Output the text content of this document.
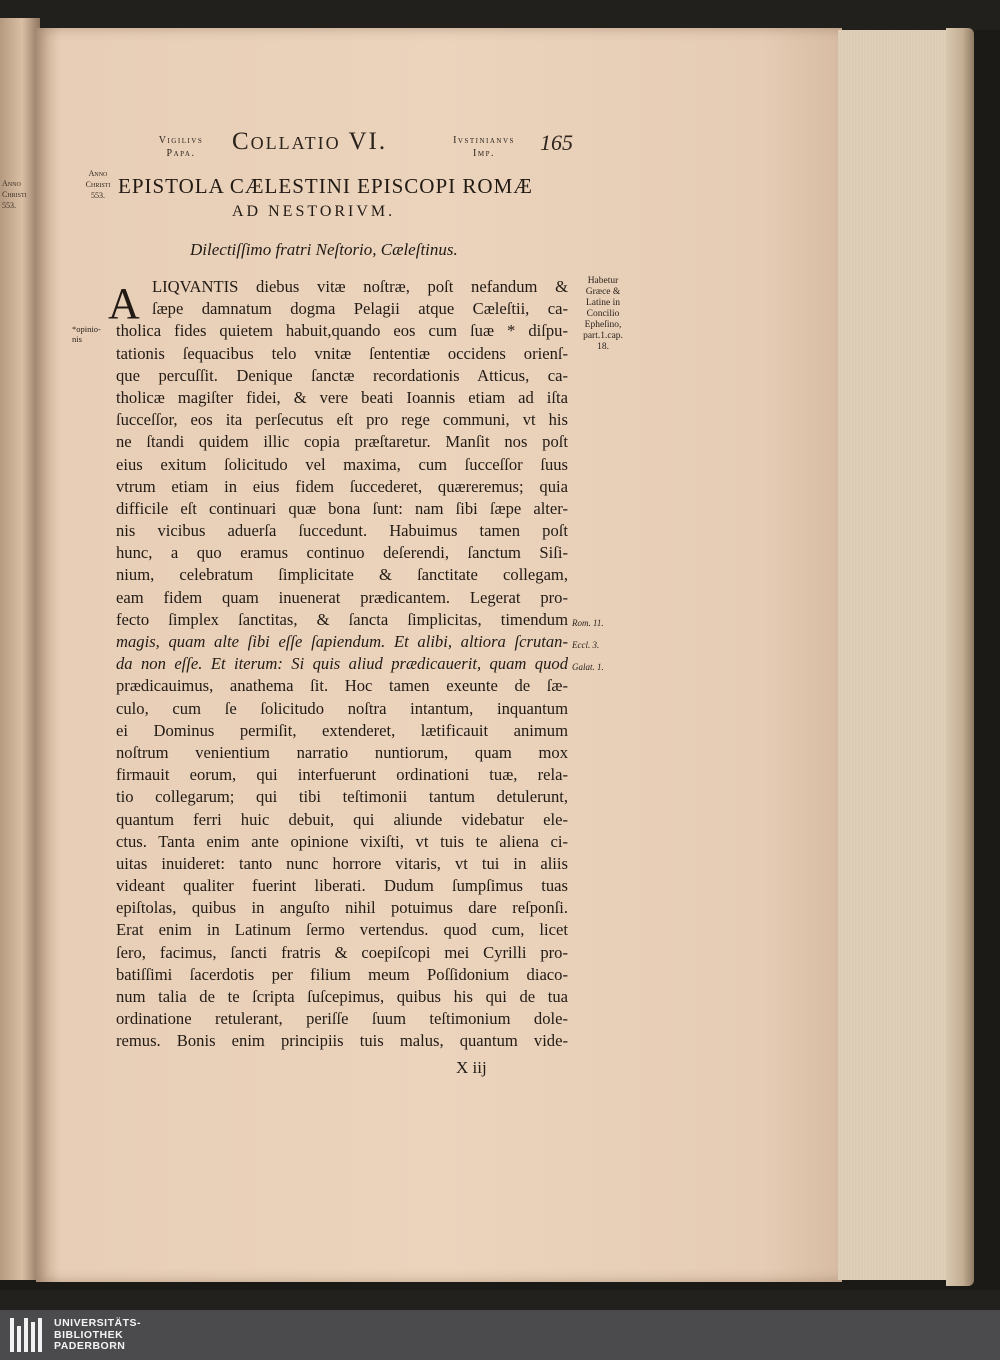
Anno
Christi
553.
Vigilivs
Papa.	Collatio VI.	Ivstinianvs
Imp.	165
Anno
Christi
553. EPISTOLA CÆLESTINI EPISCOPI ROMÆ
AD NESTORIVM.
Dilectiſſimo fratri Neſtorio, Cæleſtinus.
A
*opinio-
nis
LIQVANTIS diebus vitæ noſtræ, poſt nefandum &
ſæpe damnatum dogma Pelagii atque Cæleſtii, ca-
tholica fides quietem habuit,quando eos cum ſuæ * diſpu-
tationis ſequacibus telo vnitæ ſententiæ occidens orienſ-
que percuſſit. Denique ſanctæ recordationis Atticus, ca-
tholicæ magiſter fidei, & vere beati Ioannis etiam ad iſta
ſucceſſor, eos ita perſecutus eſt pro rege communi, vt his
ne ſtandi quidem illic copia præſtaretur. Manſit nos poſt
eius exitum ſolicitudo vel maxima, cum ſucceſſor ſuus
vtrum etiam in eius fidem ſuccederet, quæreremus; quia
difficile eſt continuari quæ bona ſunt: nam ſibi ſæpe alter-
nis vicibus aduerſa ſuccedunt. Habuimus tamen poſt
hunc, a quo eramus continuo deſerendi, ſanctum Siſi-
nium, celebratum ſimplicitate & ſanctitate collegam,
eam fidem quam inuenerat prædicantem. Legerat pro-
fecto ſimplex ſanctitas, & ſancta ſimplicitas, timendum
magis, quam alte ſibi eſſe ſapiendum. Et alibi, altiora ſcrutan-
da non eſſe. Et iterum: Si quis aliud prædicauerit, quam quod
prædicauimus, anathema ſit. Hoc tamen exeunte de ſæ-
culo, cum ſe ſolicitudo noſtra intantum, inquantum
ei Dominus permiſit, extenderet, lætificauit animum
noſtrum venientium narratio nuntiorum, quam mox
firmauit eorum, qui interfuerunt ordinationi tuæ, rela-
tio collegarum; qui tibi teſtimonii tantum detulerunt,
quantum ferri huic debuit, qui aliunde videbatur ele-
ctus. Tanta enim ante opinione vixiſti, vt tuis te aliena ci-
uitas inuideret: tanto nunc horrore vitaris, vt tui in aliis
videant qualiter fuerint liberati. Dudum ſumpſimus tuas
epiſtolas, quibus in anguſto nihil potuimus dare reſponſi.
Erat enim in Latinum ſermo vertendus. quod cum, licet
ſero, facimus, ſancti fratris & coepiſcopi mei Cyrilli pro-
batiſſimi ſacerdotis per filium meum Poſſidonium diaco-
num talia de te ſcripta ſuſcepimus, quibus his qui de tua
ordinatione retulerant, periſſe ſuum teſtimonium dole-
remus. Bonis enim principiis tuis malus, quantum vide-
Habetur
Græce &
Latine in
Concilio
Epheſino,
part.1.cap.
18.
Rom. 11.
Eccl. 3.
Galat. 1.
X iij
UNIVERSITÄTS-
BIBLIOTHEK
PADERBORN
